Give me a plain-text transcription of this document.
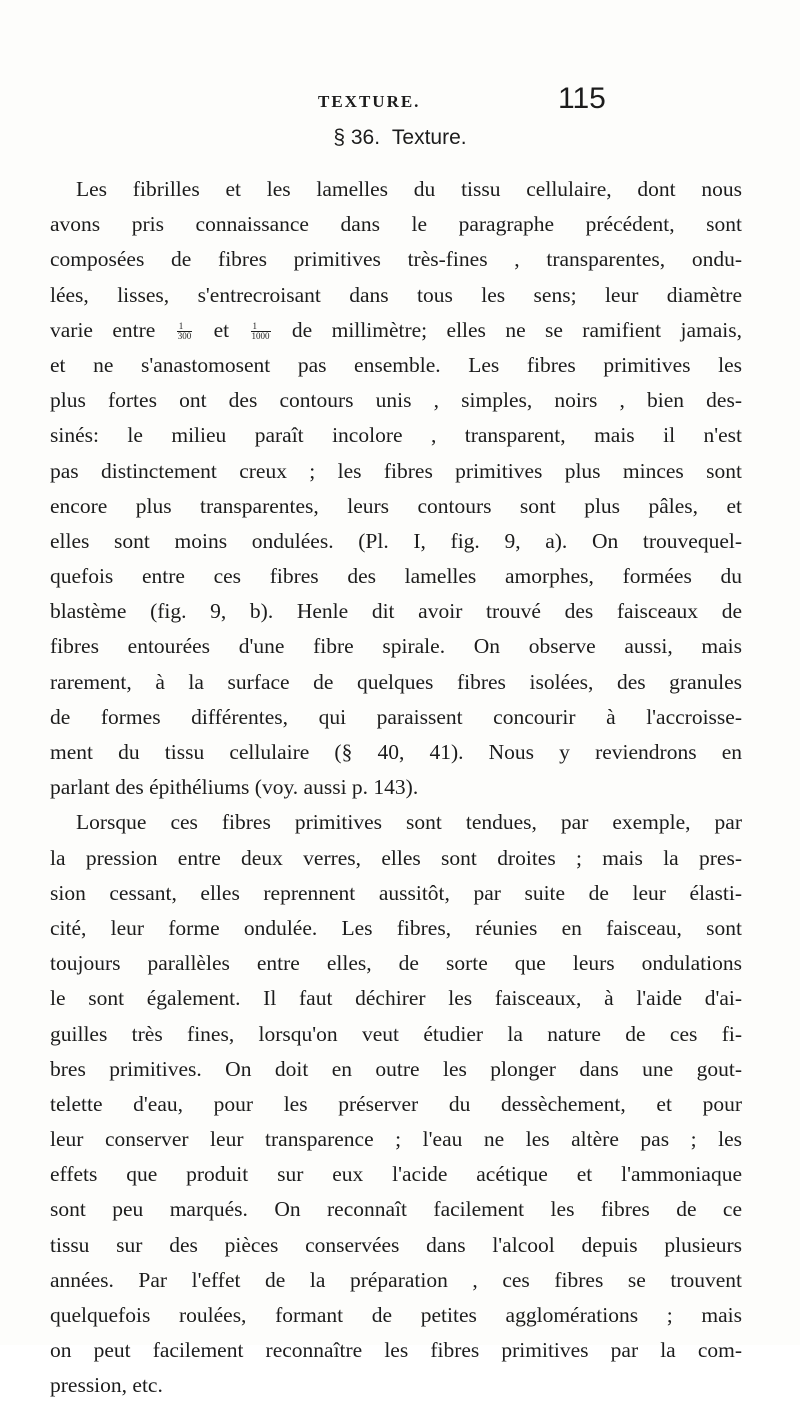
TEXTURE.	115
§ 36. Texture.
Les fibrilles et les lamelles du tissu cellulaire, dont nous
avons pris connaissance dans le paragraphe précédent, sont
composées de fibres primitives très-fines , transparentes, ondu-
lées, lisses, s'entrecroisant dans tous les sens; leur diamètre
varie entre $\frac{1}{300}$ et $\frac{1}{1000}$ de millimètre; elles ne se ramifient jamais,
et ne s'anastomosent pas ensemble. Les fibres primitives les
plus fortes ont des contours unis , simples, noirs , bien des-
sinés: le milieu paraît incolore , transparent, mais il n'est
pas distinctement creux ; les fibres primitives plus minces sont
encore plus transparentes, leurs contours sont plus pâles, et
elles sont moins ondulées. (Pl. I, fig. 9, a). On trouvequel-
quefois entre ces fibres des lamelles amorphes, formées du
blastème (fig. 9, b). Henle dit avoir trouvé des faisceaux de
fibres entourées d'une fibre spirale. On observe aussi, mais
rarement, à la surface de quelques fibres isolées, des granules
de formes différentes, qui paraissent concourir à l'accroisse-
ment du tissu cellulaire (§ 40, 41). Nous y reviendrons en
parlant des épithéliums (voy. aussi p. 143).
Lorsque ces fibres primitives sont tendues, par exemple, par
la pression entre deux verres, elles sont droites ; mais la pres-
sion cessant, elles reprennent aussitôt, par suite de leur élasti-
cité, leur forme ondulée. Les fibres, réunies en faisceau, sont
toujours parallèles entre elles, de sorte que leurs ondulations
le sont également. Il faut déchirer les faisceaux, à l'aide d'ai-
guilles très fines, lorsqu'on veut étudier la nature de ces fi-
bres primitives. On doit en outre les plonger dans une gout-
telette d'eau, pour les préserver du dessèchement, et pour
leur conserver leur transparence ; l'eau ne les altère pas ; les
effets que produit sur eux l'acide acétique et l'ammoniaque
sont peu marqués. On reconnaît facilement les fibres de ce
tissu sur des pièces conservées dans l'alcool depuis plusieurs
années. Par l'effet de la préparation , ces fibres se trouvent
quelquefois roulées, formant de petites agglomérations ; mais
on peut facilement reconnaître les fibres primitives par la com-
pression, etc.
